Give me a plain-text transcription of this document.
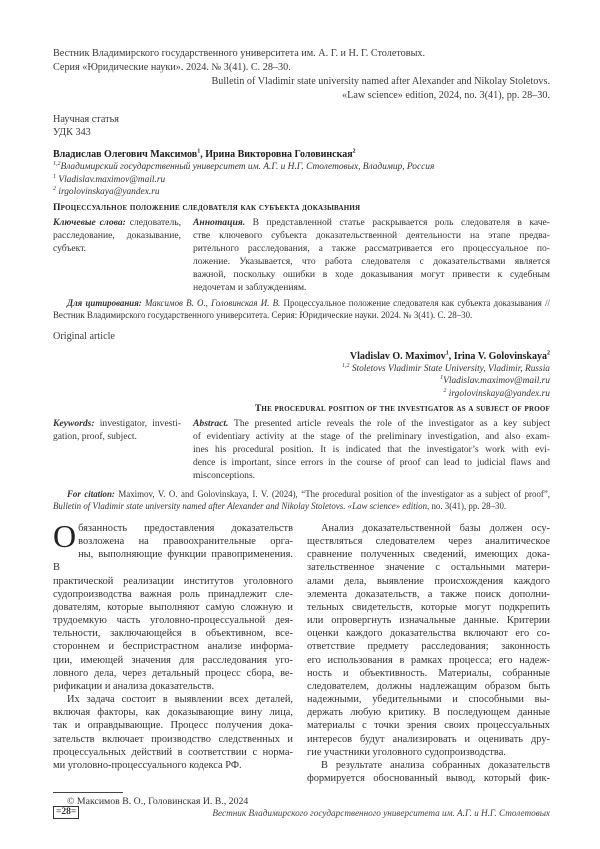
Вестник Владимирского государственного университета им. А. Г. и Н. Г. Столетовых.
Серия «Юридические науки». 2024. № 3(41). С. 28–30.
Bulletin of Vladimir state university named after Alexander and Nikolay Stoletovs.
«Law science» edition, 2024, no. 3(41), pp. 28–30.
Научная статья
УДК 343
Владислав Олегович Максимов1, Ирина Викторовна Головинская2
1,2Владимирский государственный университет им. А.Г. и Н.Г. Столетовых, Владимир, Россия
1 Vladislav.maximov@mail.ru
2 irgolovinskaya@yandex.ru
Процессуальное положение следователя как субъекта доказывания
Ключевые слова: следователь,
расследование, доказывание,
субъект.
Аннотация. В представленной статье раскрывается роль следователя в каче-
стве ключевого субъекта доказательственной деятельности на этапе предва-
рительного расследования, а также рассматривается его процессуальное по-
ложение. Указывается, что работа следователя с доказательствами является
важной, поскольку ошибки в ходе доказывания могут привести к судебным
недочетам и заблуждениям.
Для цитирования: Максимов В. О., Головинская И. В. Процессуальное положение следователя как субъекта доказывания // Вестник Владимирского государственного университета. Серия: Юридические науки. 2024. № 3(41). С. 28–30.
Original article
Vladislav O. Maximov1, Irina V. Golovinskaya2
1,2 Stoletovs Vladimir State University, Vladimir, Russia
1Vladislav.maximov@mail.ru
2 irgolovinskaya@yandex.ru
The procedural position of the investigator as a subject of proof
Keywords: investigator, investi-
gation, proof, subject.
Abstract. The presented article reveals the role of the investigator as a key subject
of evidentiary activity at the stage of the preliminary investigation, and also exam-
ines his procedural position. It is indicated that the investigator’s work with evi-
dence is important, since errors in the course of proof can lead to judicial flaws and
misconceptions.
For citation: Maximov, V. O. and Golovinskaya, I. V. (2024), “The procedural position of the investigator as a subject of proof”, Bulletin of Vladimir state university named after Alexander and Nikolay Stoletovs. «Law science» edition, no. 3(41), pp. 28–30.
О бязанность предоставления доказательств
возложена на правоохранительные орга-
ны, выполняющие функции правоприменения. В
практической реализации институтов уголовного
судопроизводства важная роль принадлежит сле-
дователям, которые выполняют самую сложную и
трудоемкую часть уголовно-процессуальной дея-
тельности, заключающейся в объективном, все-
стороннем и беспристрастном анализе информа-
ции, имеющей значения для расследования уго-
ловного дела, через детальный процесс сбора, ве-
рификации и анализа доказательств.
Их задача состоит в выявлении всех деталей,
включая факторы, как доказывающие вину лица,
так и оправдывающие. Процесс получения дока-
зательств включает производство следственных и
процессуальных действий в соответствии с норма-
ми уголовно-процессуального кодекса РФ.
© Максимов В. О., Головинская И. В., 2024
Анализ доказательственной базы должен осу-
ществляться следователем через аналитическое
сравнение полученных сведений, имеющих дока-
зательственное значение с остальными матери-
алами дела, выявление происхождения каждого
элемента доказательств, а также поиск дополни-
тельных свидетельств, которые могут подкрепить
или опровергнуть изначальные данные. Критерии
оценки каждого доказательства включают его со-
ответствие предмету расследования; законность
его использования в рамках процесса; его надеж-
ность и объективность. Материалы, собранные
следователем, должны надлежащим образом быть
надежными, убедительными и способными вы-
держать любую критику. В последующем данные
материалы с точки зрения своих процессуальных
интересов будут анализировать и оценивать дру-
гие участники уголовного судопроизводства.
В результате анализа собранных доказательств
формируется обоснованный вывод, который фик-
=28=	Вестник Владимирского государственного университета им. А.Г. и Н.Г. Столетовых
